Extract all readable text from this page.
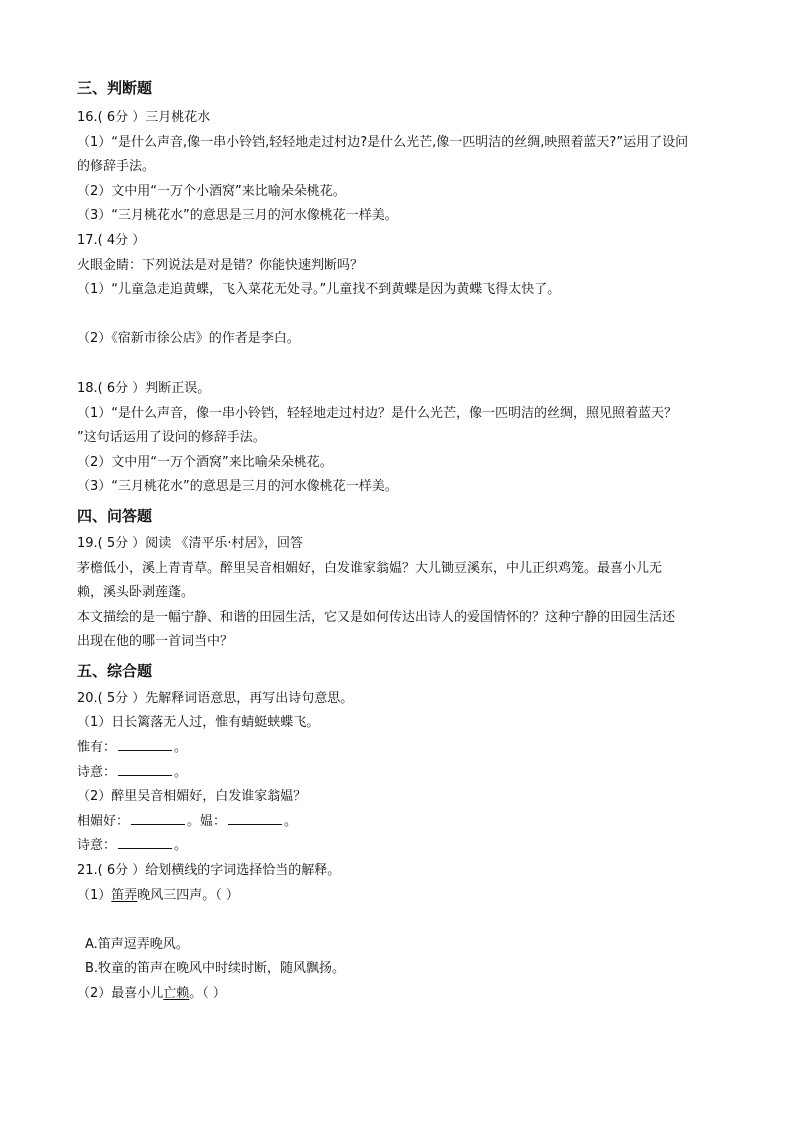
三、判断题
16.( 6分 ）三月桃花水
（1）“是什么声音,像一串小铃铛,轻轻地走过村边?是什么光芒,像一匹明洁的丝绸,映照着蓝天?”运用了设问
的修辞手法。
（2）文中用“一万个小酒窝”来比喻朵朵桃花。
（3）“三月桃花水”的意思是三月的河水像桃花一样美。
17.( 4分 ）
火眼金睛：下列说法是对是错？你能快速判断吗？
（1）“儿童急走追黄蝶，飞入菜花无处寻。”儿童找不到黄蝶是因为黄蝶飞得太快了。
（2）《宿新市徐公店》的作者是李白。
18.( 6分 ）判断正误。
（1）“是什么声音，像一串小铃铛，轻轻地走过村边？是什么光芒，像一匹明洁的丝绸，照见照着蓝天？
”这句话运用了设问的修辞手法。
（2）文中用“一万个酒窝”来比喻朵朵桃花。
（3）“三月桃花水”的意思是三月的河水像桃花一样美。
四、问答题
19.( 5分 ）阅读 《清平乐·村居》，回答
茅檐低小，溪上青青草。醉里吴音相媚好，白发谁家翁媪？大儿锄豆溪东，中儿正织鸡笼。最喜小儿无
赖，溪头卧剥莲蓬。
本文描绘的是一幅宁静、和谐的田园生活，它又是如何传达出诗人的爱国情怀的？这种宁静的田园生活还
出现在他的哪一首词当中？
五、综合题
20.( 5分 ）先解释词语意思，再写出诗句意思。
（1）日长篱落无人过，惟有蜻蜓蛱蝶飞。
惟有：	。
诗意：	。
（2）醉里吴音相媚好，白发谁家翁媪？
相媚好：	。媪：	。
诗意：	。
21.( 6分 ）给划横线的字词选择恰当的解释。
（1）笛弄晚风三四声。（ ）
A.笛声逗弄晚风。
B.牧童的笛声在晚风中时续时断，随风飘扬。
（2）最喜小儿亡赖。（ ）
